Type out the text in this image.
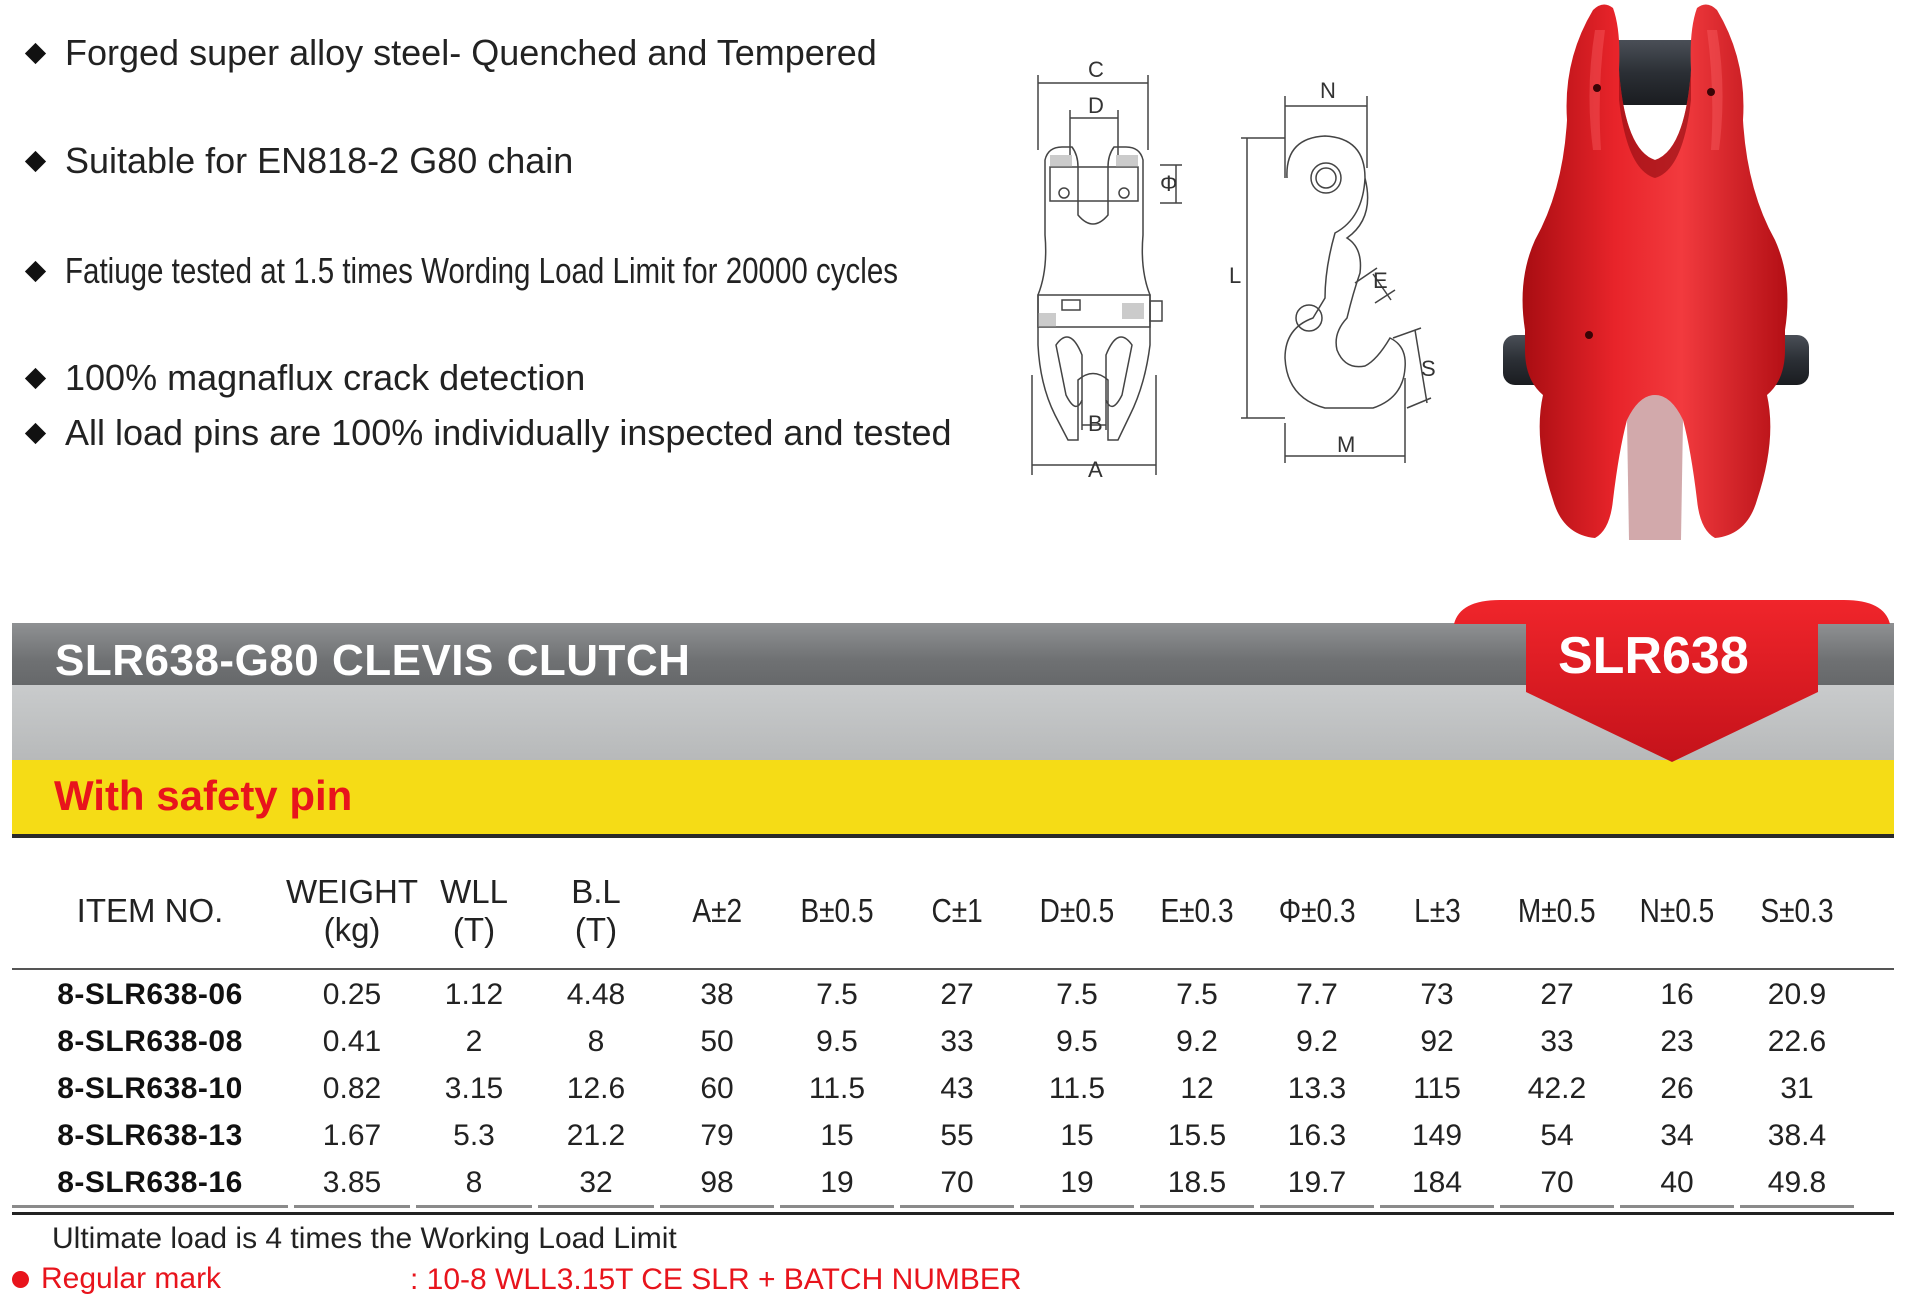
Forged super alloy steel- Quenched and Tempered
Suitable for EN818-2 G80 chain
Fatiuge tested at 1.5 times Wording Load Limit for 20000 cycles
100% magnaflux crack detection
All load pins are 100% individually inspected and tested
C
D
Φ
B
A
N
L	E
S
M
SLR638-G80 CLEVIS CLUTCH
With safety pin
SLR638
ITEM NO.
WEIGHT
(kg)
WLL
(T)
B.L
(T)
A±2 B±0.5 C±1 D±0.5 E±0.3 Φ±0.3 L±3 M±0.5 N±0.5 S±0.3
8-SLR638-06	0.25	1.12	4.48	38	7.5	27	7.5	7.5	7.7	73	27	16	20.9
8-SLR638-08	0.41	2	8	50	9.5	33	9.5	9.2	9.2	92	33	23	22.6
8-SLR638-10	0.82	3.15	12.6	60	11.5	43	11.5	12	13.3	115	42.2	26	31
8-SLR638-13	1.67	5.3	21.2	79	15	55	15	15.5	16.3	149	54	34	38.4
8-SLR638-16	3.85	8	32	98	19	70	19	18.5	19.7	184	70	40	49.8
Ultimate load is 4 times the Working Load Limit
Regular mark	: 10-8 WLL3.15T CE SLR + BATCH NUMBER
